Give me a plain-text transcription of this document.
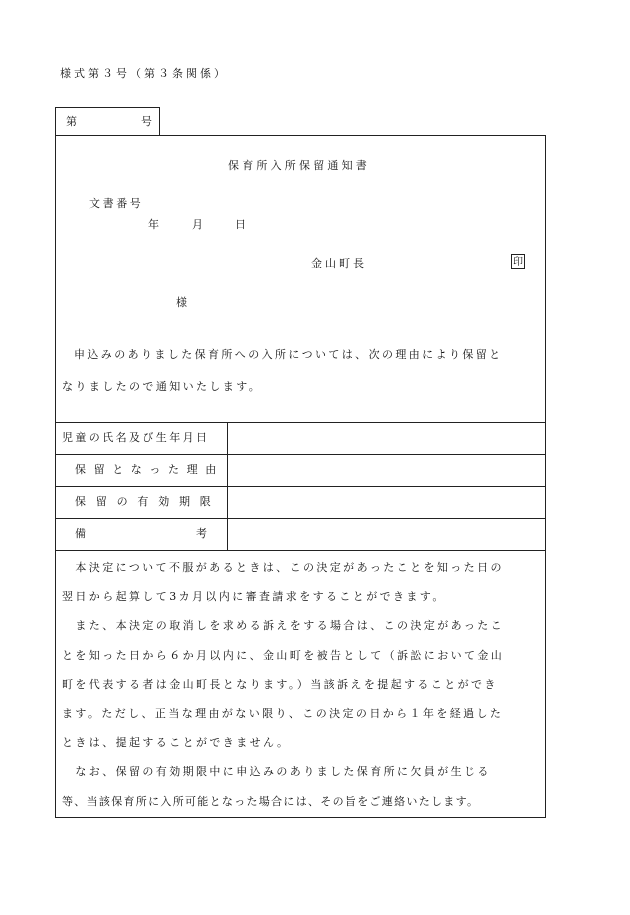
様式第３号（第３条関係）
第	号
保育所入所保留通知書
文書番号
年	月	日
金山町長	印
様
申込みのありました保育所への入所については、次の理由により保留と
なりましたので通知いたします。
児童の氏名及び生年月日
保留となった理由
保留の有効期限
備	考

　本決定について不服があるときは、この決定があったことを知った日の

翌日から起算して3カ月以内に審査請求をすることができます。

　また、本決定の取消しを求める訴えをする場合は、この決定があったこ

とを知った日から６か月以内に、金山町を被告として（訴訟において金山

町を代表する者は金山町長となります。）当該訴えを提起することができ

ます。ただし、正当な理由がない限り、この決定の日から１年を経過した

ときは、提起することができません。

　なお、保留の有効期限中に申込みのありました保育所に欠員が生じる

等、当該保育所に入所可能となった場合には、その旨をご連絡いたします。
